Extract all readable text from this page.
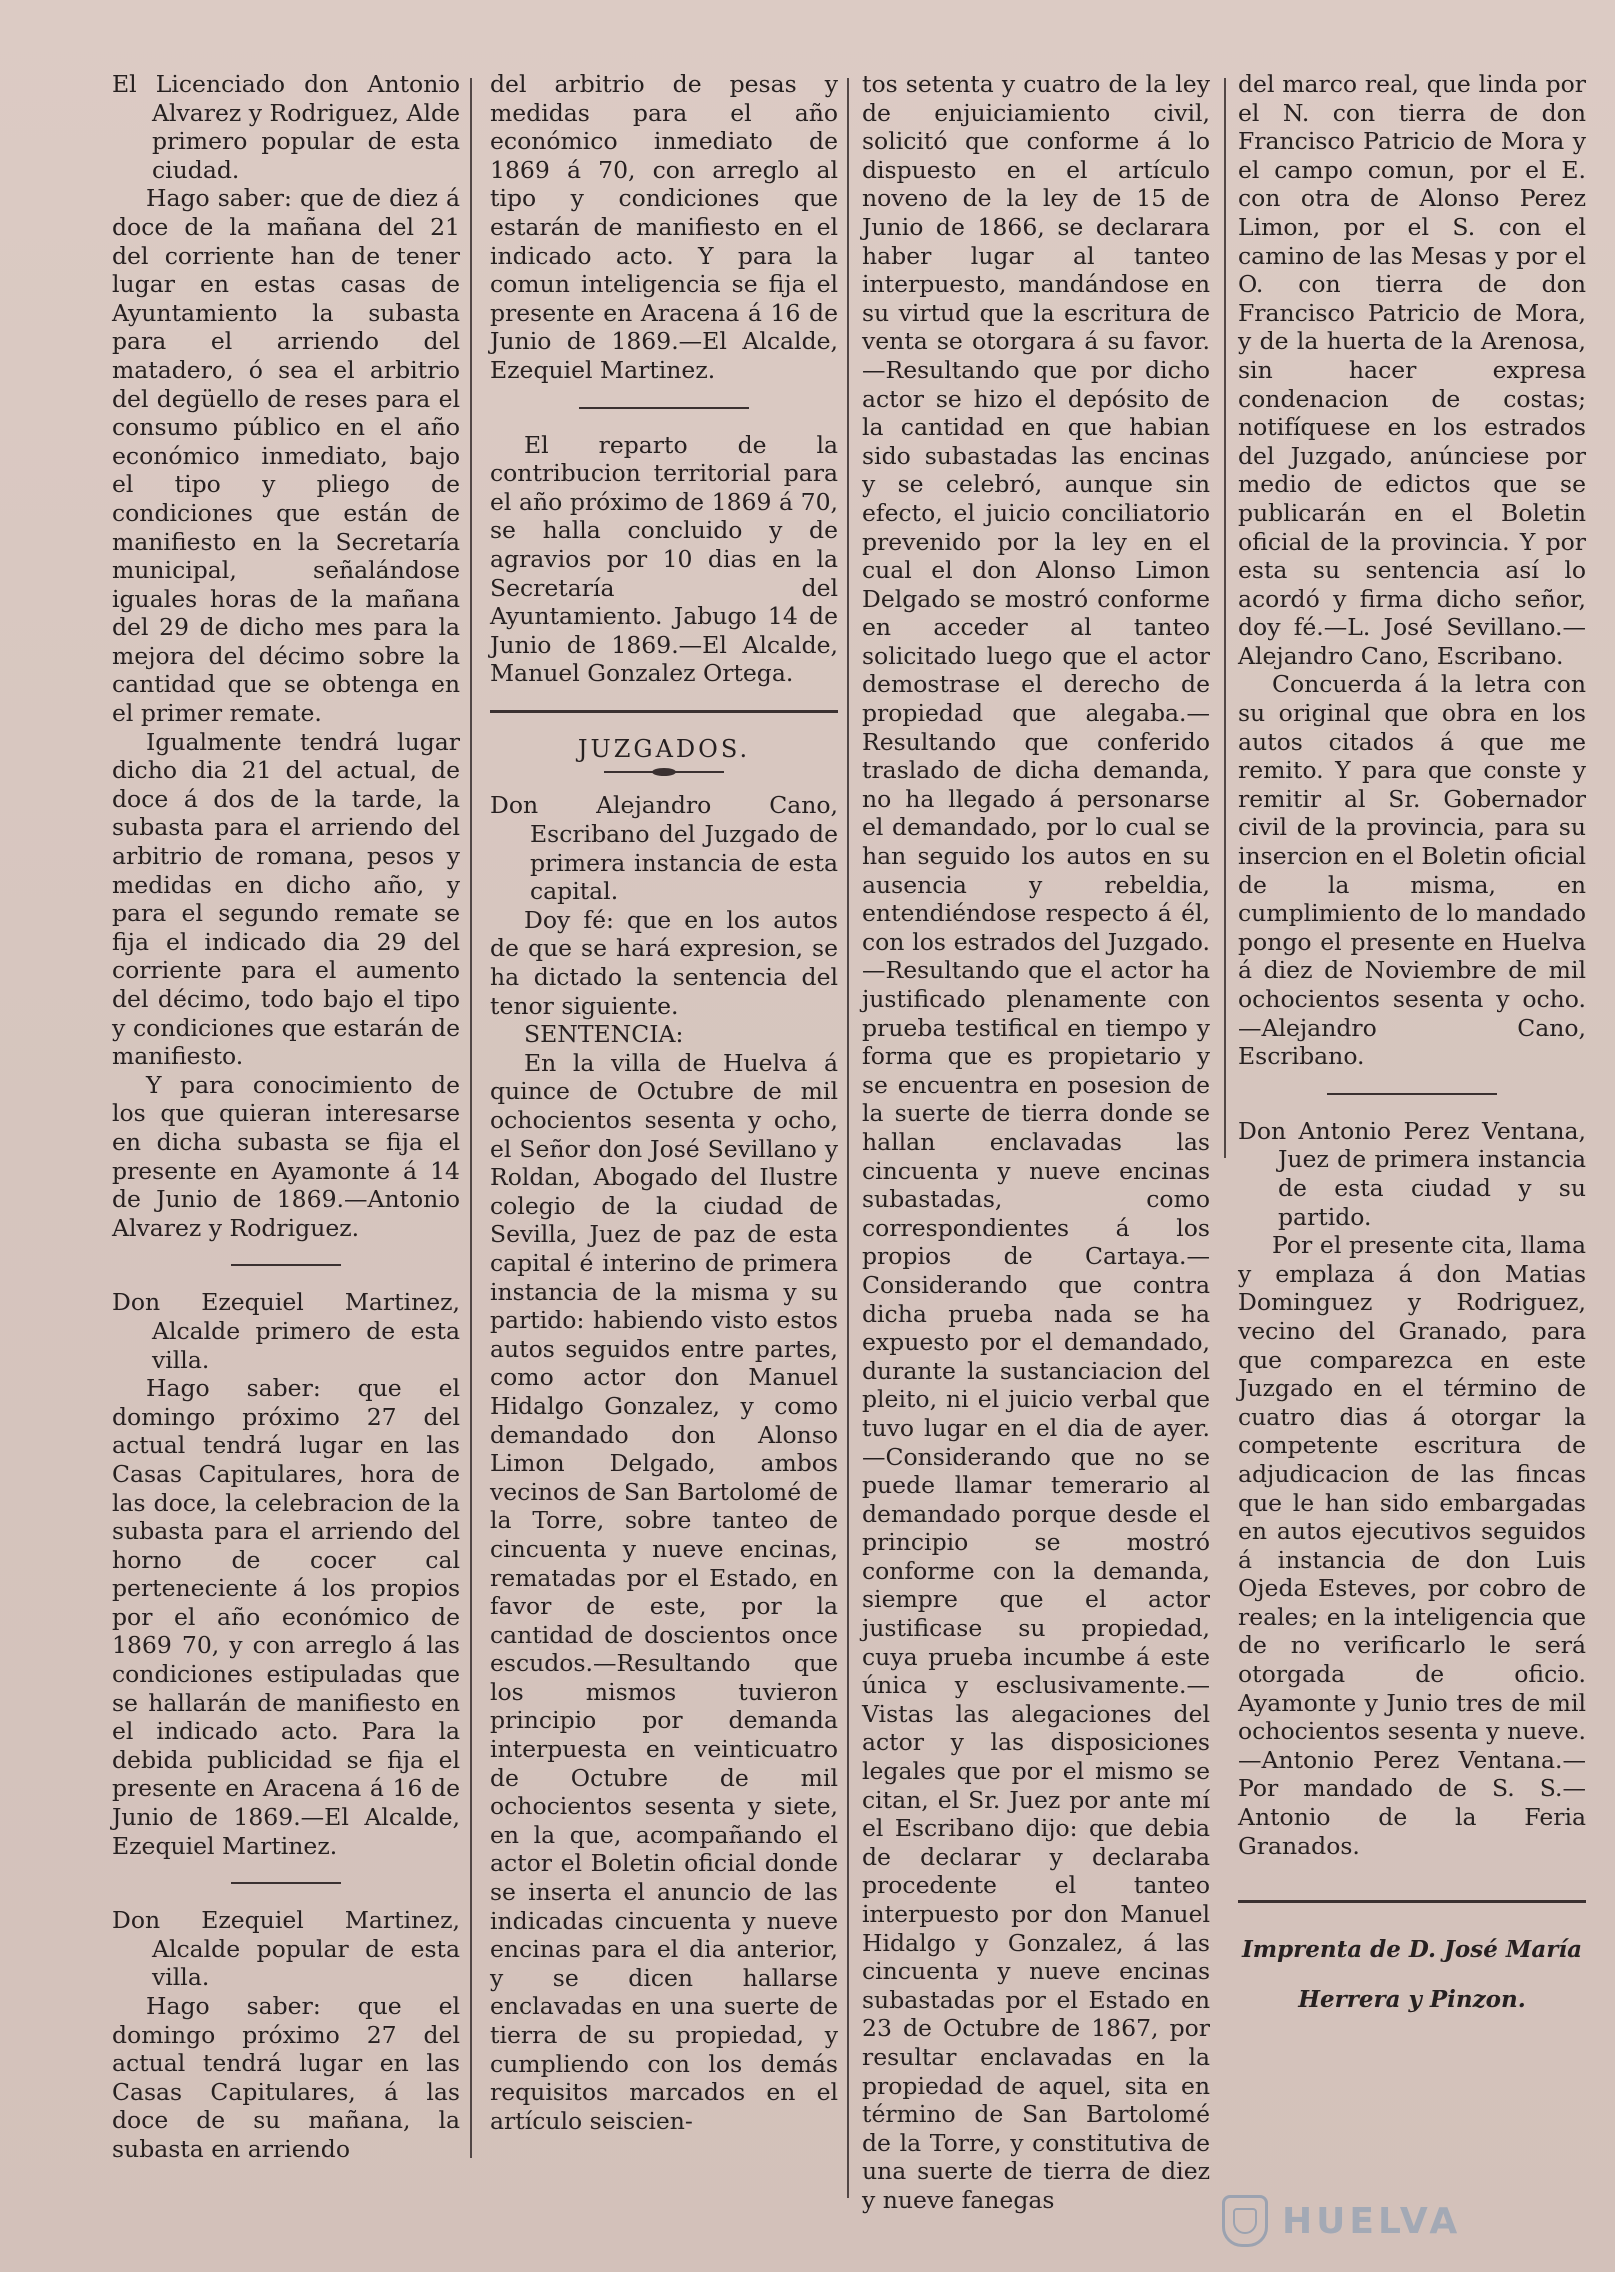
El Licenciado don Antonio Alvarez y Rodriguez, Alde primero popular de esta ciudad.

Hago saber: que de diez á doce de la mañana del 21 del corriente han de tener lugar en estas casas de Ayuntamiento la subasta para el arriendo del matadero, ó sea el arbitrio del degüello de reses para el consumo público en el año económico inmediato, bajo el tipo y pliego de condiciones que están de manifiesto en la Secretaría municipal, señalándose iguales horas de la mañana del 29 de dicho mes para la mejora del décimo sobre la cantidad que se obtenga en el primer remate.

Igualmente tendrá lugar dicho dia 21 del actual, de doce á dos de la tarde, la subasta para el arriendo del arbitrio de romana, pesos y medidas en dicho año, y para el segundo remate se fija el indicado dia 29 del corriente para el aumento del décimo, todo bajo el tipo y condiciones que estarán de manifiesto.

Y para conocimiento de los que quieran interesarse en dicha subasta se fija el presente en Ayamonte á 14 de Junio de 1869.—Antonio Alvarez y Rodriguez.

Don Ezequiel Martinez, Alcalde primero de esta villa.

Hago saber: que el domingo próximo 27 del actual tendrá lugar en las Casas Capitulares, hora de las doce, la celebracion de la subasta para el arriendo del horno de cocer cal perteneciente á los propios por el año económico de 1869 70, y con arreglo á las condiciones estipuladas que se hallarán de manifiesto en el indicado acto. Para la debida publicidad se fija el presente en Aracena á 16 de Junio de 1869.—El Alcalde, Ezequiel Martinez.

Don Ezequiel Martinez, Alcalde popular de esta villa.

Hago saber: que el domingo próximo 27 del actual tendrá lugar en las Casas Capitulares, á las doce de su mañana, la subasta en arriendo

del arbitrio de pesas y medidas para el año económico inmediato de 1869 á 70, con arreglo al tipo y condiciones que estarán de manifiesto en el indicado acto. Y para la comun inteligencia se fija el presente en Aracena á 16 de Junio de 1869.—El Alcalde, Ezequiel Martinez.

El reparto de la contribucion territorial para el año próximo de 1869 á 70, se halla concluido y de agravios por 10 dias en la Secretaría del Ayuntamiento. Jabugo 14 de Junio de 1869.—El Alcalde, Manuel Gonzalez Ortega.

JUZGADOS.

Don Alejandro Cano, Escribano del Juzgado de primera instancia de esta capital.

Doy fé: que en los autos de que se hará expresion, se ha dictado la sentencia del tenor siguiente.

SENTENCIA:

En la villa de Huelva á quince de Octubre de mil ochocientos sesenta y ocho, el Señor don José Sevillano y Roldan, Abogado del Ilustre colegio de la ciudad de Sevilla, Juez de paz de esta capital é interino de primera instancia de la misma y su partido: habiendo visto estos autos seguidos entre partes, como actor don Manuel Hidalgo Gonzalez, y como demandado don Alonso Limon Delgado, ambos vecinos de San Bartolomé de la Torre, sobre tanteo de cincuenta y nueve encinas, rematadas por el Estado, en favor de este, por la cantidad de doscientos once escudos.—Resultando que los mismos tuvieron principio por demanda interpuesta en veinticuatro de Octubre de mil ochocientos sesenta y siete, en la que, acompañando el actor el Boletin oficial donde se inserta el anuncio de las indicadas cincuenta y nueve encinas para el dia anterior, y se dicen hallarse enclavadas en una suerte de tierra de su propiedad, y cumpliendo con los demás requisitos marcados en el artículo seiscien-

tos setenta y cuatro de la ley de enjuiciamiento civil, solicitó que conforme á lo dispuesto en el artículo noveno de la ley de 15 de Junio de 1866, se declarara haber lugar al tanteo interpuesto, mandándose en su virtud que la escritura de venta se otorgara á su favor.—Resultando que por dicho actor se hizo el depósito de la cantidad en que habian sido subastadas las encinas y se celebró, aunque sin efecto, el juicio conciliatorio prevenido por la ley en el cual el don Alonso Limon Delgado se mostró conforme en acceder al tanteo solicitado luego que el actor demostrase el derecho de propiedad que alegaba.—Resultando que conferido traslado de dicha demanda, no ha llegado á personarse el demandado, por lo cual se han seguido los autos en su ausencia y rebeldia, entendiéndose respecto á él, con los estrados del Juzgado.—Resultando que el actor ha justificado plenamente con prueba testifical en tiempo y forma que es propietario y se encuentra en posesion de la suerte de tierra donde se hallan enclavadas las cincuenta y nueve encinas subastadas, como correspondientes á los propios de Cartaya.—Considerando que contra dicha prueba nada se ha expuesto por el demandado, durante la sustanciacion del pleito, ni el juicio verbal que tuvo lugar en el dia de ayer.—Considerando que no se puede llamar temerario al demandado porque desde el principio se mostró conforme con la demanda, siempre que el actor justificase su propiedad, cuya prueba incumbe á este única y esclusivamente.—Vistas las alegaciones del actor y las disposiciones legales que por el mismo se citan, el Sr. Juez por ante mí el Escribano dijo: que debia de declarar y declaraba procedente el tanteo interpuesto por don Manuel Hidalgo y Gonzalez, á las cincuenta y nueve encinas subastadas por el Estado en 23 de Octubre de 1867, por resultar enclavadas en la propiedad de aquel, sita en término de San Bartolomé de la Torre, y constitutiva de una suerte de tierra de diez y nueve fanegas

del marco real, que linda por el N. con tierra de don Francisco Patricio de Mora y el campo comun, por el E. con otra de Alonso Perez Limon, por el S. con el camino de las Mesas y por el O. con tierra de don Francisco Patricio de Mora, y de la huerta de la Arenosa, sin hacer expresa condenacion de costas; notifíquese en los estrados del Juzgado, anúnciese por medio de edictos que se publicarán en el Boletin oficial de la provincia. Y por esta su sentencia así lo acordó y firma dicho señor, doy fé.—L. José Sevillano.—Alejandro Cano, Escribano.

Concuerda á la letra con su original que obra en los autos citados á que me remito. Y para que conste y remitir al Sr. Gobernador civil de la provincia, para su insercion en el Boletin oficial de la misma, en cumplimiento de lo mandado pongo el presente en Huelva á diez de Noviembre de mil ochocientos sesenta y ocho.—Alejandro Cano, Escribano.

Don Antonio Perez Ventana, Juez de primera instancia de esta ciudad y su partido.

Por el presente cita, llama y emplaza á don Matias Dominguez y Rodriguez, vecino del Granado, para que comparezca en este Juzgado en el término de cuatro dias á otorgar la competente escritura de adjudicacion de las fincas que le han sido embargadas en autos ejecutivos seguidos á instancia de don Luis Ojeda Esteves, por cobro de reales; en la inteligencia que de no verificarlo le será otorgada de oficio. Ayamonte y Junio tres de mil ochocientos sesenta y nueve.—Antonio Perez Ventana.—Por mandado de S. S.—Antonio de la Feria Granados.

Imprenta de D. José María

Herrera y Pinzon.

HUELVA
